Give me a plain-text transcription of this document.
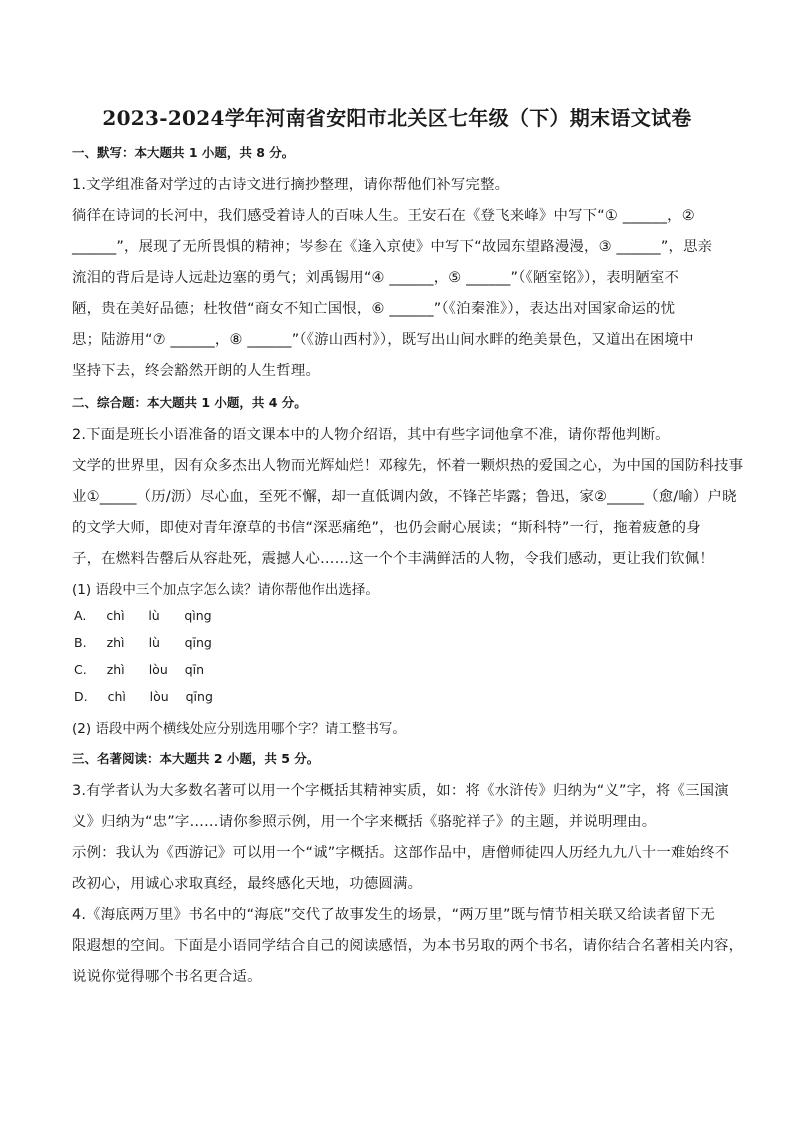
2023-2024学年河南省安阳市北关区七年级（下）期末语文试卷
一、默写：本大题共 1 小题，共 8 分。
1.文学组准备对学过的古诗文进行摘抄整理，请你帮他们补写完整。
徜徉在诗词的长河中，我们感受着诗人的百味人生。王安石在《登飞来峰》中写下“① ______，②
______”，展现了无所畏惧的精神；岑参在《逢入京使》中写下“故园东望路漫漫，③ ______”，思亲
流泪的背后是诗人远赴边塞的勇气；刘禹锡用“④ ______，⑤ ______”（《陋室铭》），表明陋室不
陋，贵在美好品德；杜牧借“商女不知亡国恨，⑥ ______”（《泊秦淮》），表达出对国家命运的忧
思；陆游用“⑦ ______，⑧ ______”（《游山西村》），既写出山间水畔的绝美景色，又道出在困境中
坚持下去，终会豁然开朗的人生哲理。
二、综合题：本大题共 1 小题，共 4 分。
2.下面是班长小语准备的语文课本中的人物介绍语，其中有些字词他拿不准，请你帮他判断。
文学的世界里，因有众多杰出人物而光辉灿烂！邓稼先，怀着一颗炽热的爱国之心，为中国的国防科技事
业①_____（历/沥）尽心血，至死不懈，却一直低调内敛，不锋芒毕露；鲁迅，家②_____（愈/喻）户晓
的文学大师，即使对青年潦草的书信“深恶痛绝”，也仍会耐心展读；“斯科特”一行，拖着疲惫的身
子，在燃料告罄后从容赴死，震撼人心……这一个个丰满鲜活的人物，令我们感动，更让我们钦佩！
(1) 语段中三个加点字怎么读？请你帮他作出选择。
A. chì lù qìng
B. zhì lù qīng
C. zhì lòu qīn
D. chì lòu qīng
(2) 语段中两个横线处应分别选用哪个字？请工整书写。
三、名著阅读：本大题共 2 小题，共 5 分。
3.有学者认为大多数名著可以用一个字概括其精神实质，如：将《水浒传》归纳为“义”字，将《三国演
义》归纳为“忠”字……请你参照示例，用一个字来概括《骆驼祥子》的主题，并说明理由。
示例：我认为《西游记》可以用一个“诚”字概括。这部作品中，唐僧师徒四人历经九九八十一难始终不
改初心，用诚心求取真经，最终感化天地，功德圆满。
4.《海底两万里》书名中的“海底”交代了故事发生的场景，“两万里”既与情节相关联又给读者留下无
限遐想的空间。下面是小语同学结合自己的阅读感悟，为本书另取的两个书名，请你结合名著相关内容，
说说你觉得哪个书名更合适。
